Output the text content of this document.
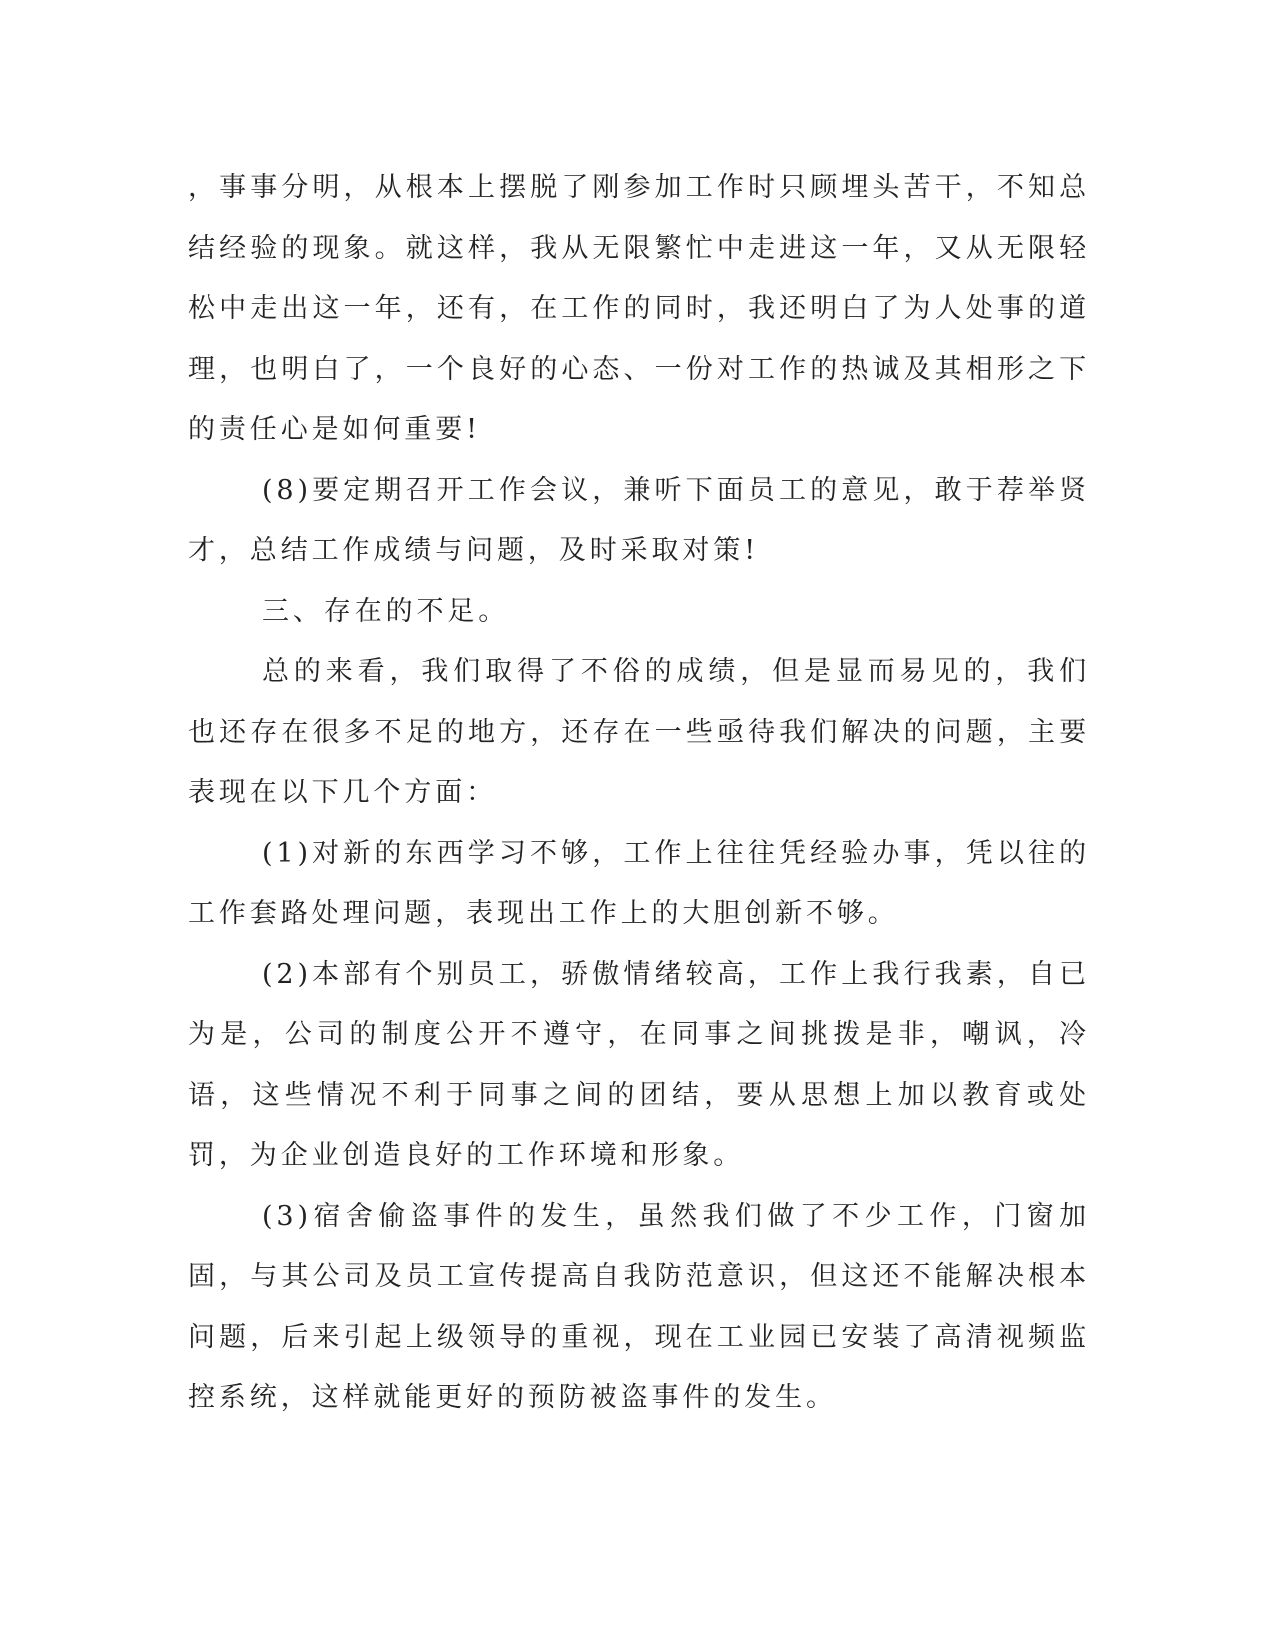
，事事分明，从根本上摆脱了刚参加工作时只顾埋头苦干，不知总结经验的现象。就这样，我从无限繁忙中走进这一年，又从无限轻松中走出这一年，还有，在工作的同时，我还明白了为人处事的道理，也明白了，一个良好的心态、一份对工作的热诚及其相形之下的责任心是如何重要!

(8)要定期召开工作会议，兼听下面员工的意见，敢于荐举贤才，总结工作成绩与问题，及时采取对策!

三、存在的不足。

总的来看，我们取得了不俗的成绩，但是显而易见的，我们也还存在很多不足的地方，还存在一些亟待我们解决的问题，主要表现在以下几个方面：

(1)对新的东西学习不够，工作上往往凭经验办事，凭以往的工作套路处理问题，表现出工作上的大胆创新不够。

(2)本部有个别员工，骄傲情绪较高，工作上我行我素，自已为是，公司的制度公开不遵守，在同事之间挑拨是非，嘲讽，冷语，这些情况不利于同事之间的团结，要从思想上加以教育或处罚，为企业创造良好的工作环境和形象。

(3)宿舍偷盗事件的发生，虽然我们做了不少工作，门窗加固，与其公司及员工宣传提高自我防范意识，但这还不能解决根本问题，后来引起上级领导的重视，现在工业园已安装了高清视频监控系统，这样就能更好的预防被盗事件的发生。
